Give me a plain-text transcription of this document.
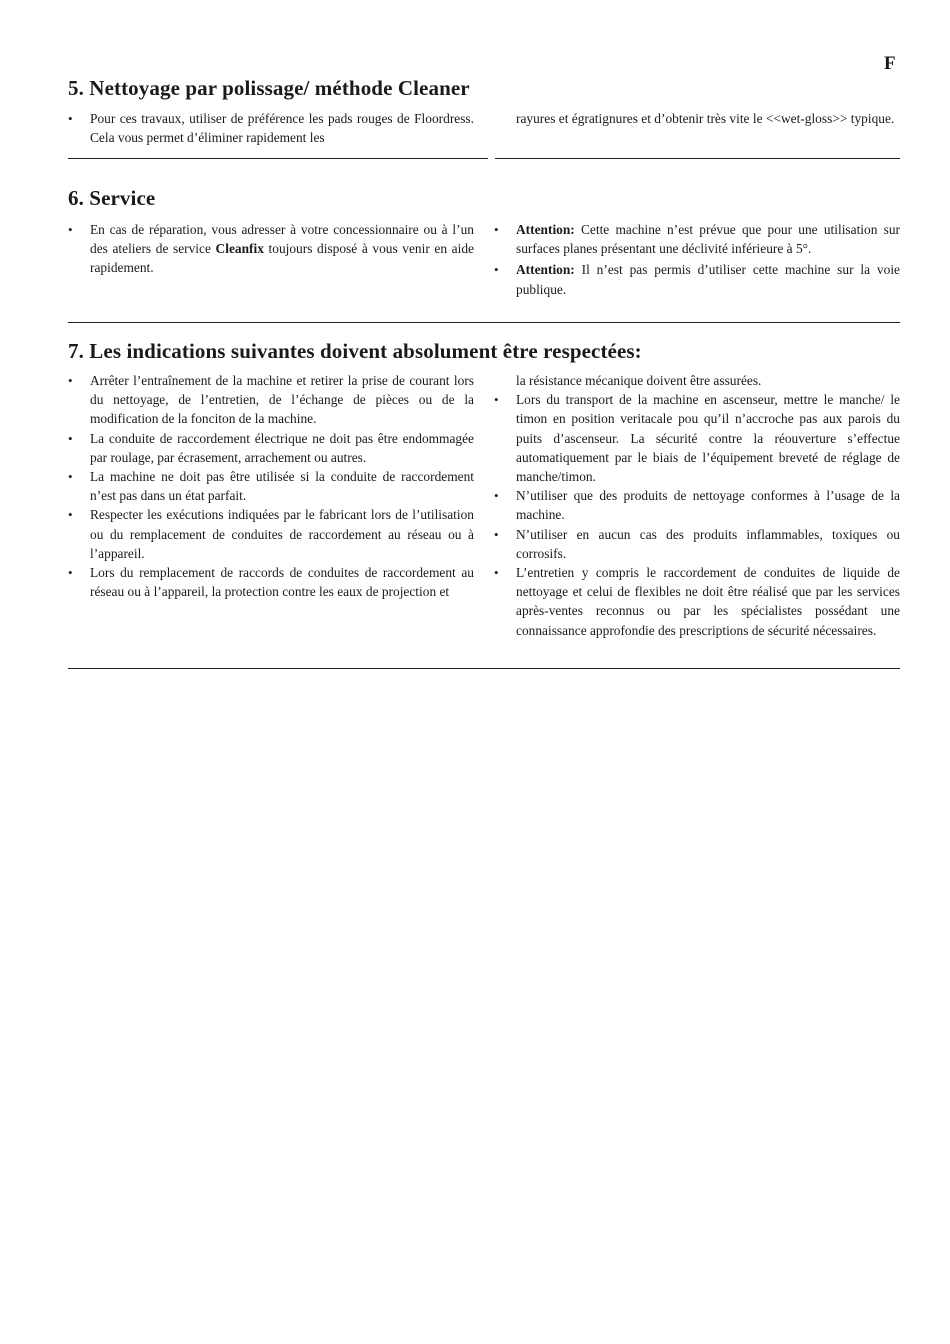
F
5. Nettoyage par polissage/ méthode Cleaner
• Pour ces travaux, utiliser de préférence les pads rouges de Floordress. Cela vous permet d’éliminer rapidement les

rayures et égratignures et d’obtenir très vite le <<wet-gloss>> typique.

6. Service
• En cas de réparation, vous adresser à votre concessionnaire ou à l’un des ateliers de service Cleanfix toujours disposé à vous venir en aide rapidement.
• Attention: Cette machine n’est prévue que pour une utilisation sur surfaces planes présentant une déclivité inférieure à 5°.
• Attention: Il n’est pas permis d’utiliser cette machine sur la voie publique.
7. Les indications suivantes doivent absolument être respectées:
• Arrêter l’entraînement de la machine et retirer la prise de courant lors du nettoyage, de l’entretien, de l’échange de pièces ou de la modification de la fonciton de la machine.
• La conduite de raccordement électrique ne doit pas être endommagée par roulage, par écrasement, arrachement ou autres.
• La machine ne doit pas être utilisée si la conduite de raccordement n’est pas dans un état parfait.
• Respecter les exécutions indiquées par le fabricant lors de l’utilisation ou du remplacement de conduites de raccordement au réseau ou à l’appareil.
• Lors du remplacement de raccords de conduites de raccordement au réseau ou à l’appareil, la protection contre les eaux de projection et

la résistance mécanique doivent être assurées.

• Lors du transport de la machine en ascenseur, mettre le manche/ le timon en position veritacale pou qu’il n’accroche pas aux parois du puits d’ascenseur. La sécurité contre la réouverture s’effectue automatiquement par le biais de l’équipement breveté de réglage de manche/timon.
• N’utiliser que des produits de nettoyage conformes à l’usage de la machine.
• N’utiliser en aucun cas des produits inflammables, toxiques ou corrosifs.
• L’entretien y compris le raccordement de conduites de liquide de nettoyage et celui de flexibles ne doit être réalisé que par les services après-ventes reconnus ou par les spécialistes possédant une connaissance approfondie des prescriptions de sécurité nécessaires.
